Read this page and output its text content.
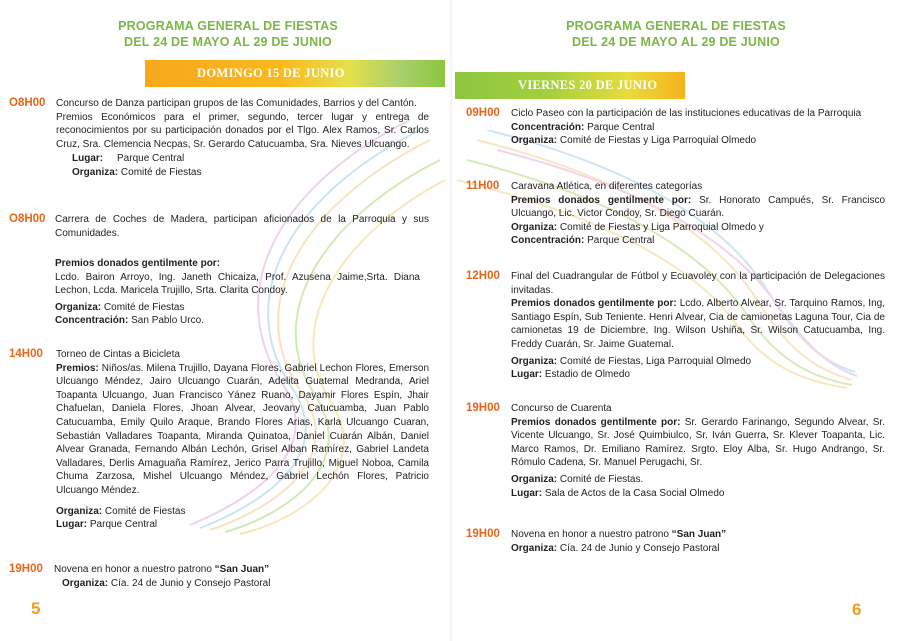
PROGRAMA GENERAL DE FIESTAS
DEL 24 DE MAYO AL 29 DE JUNIO
DOMINGO 15 DE JUNIO
O8H00 Concurso de Danza participan grupos de las Comunidades, Barrios y del Cantón.

Premios Económicos para el primer, segundo, tercer lugar y entrega de reconocimientos por su participación donados por el Tlgo. Alex Ramos, Sr. Carlos Cruz, Sra. Clemencia Necpas, Sr. Gerardo Catucuamba, Sra. Nieves Ulcuango.

Lugar: Parque Central

Organiza: Comité de Fiestas

O8H00 Carrera de Coches de Madera, participan aficionados de la Parroquia y sus Comunidades.

Premios donados gentilmente por:

Lcdo. Bairon Arroyo, Ing. Janeth Chicaiza, Prof. Azusena Jaime,Srta. Diana Lechon, Lcda. Maricela Trujillo, Srta. Clarita Condoy.

Organiza: Comité de Fiestas

Concentración: San Pablo Urco.

14H00 Torneo de Cintas a Bicicleta

Premios: Niños/as. Milena Trujillo, Dayana Flores, Gabriel Lechon Flores, Emerson Ulcuango Méndez, Jairo Ulcuango Cuarán, Adelita Guatemal Medranda, Ariel Toapanta Ulcuango, Juan Francisco Yánez Ruano, Dayamir Flores Espín, Jhair Chafuelan, Daniela Flores, Jhoan Alvear, Jeovany Catucuamba, Juan Pablo Catucuamba, Emily Quilo Araque, Brando Flores Arias, Karla Ulcuango Cuaran, Sebastián Valladares Toapanta, Miranda Quinatoa, Daniel Cuarán Albán, Daniel Alvear Granada, Fernando Albán Lechón, Grisel Alban Ramírez, Gabriel Landeta Valladares, Derlis Amaguaña Ramírez, Jerico Parra Trujillo, Miguel Noboa, Camila Chuma Zarzosa, Mishel Ulcuango Méndez, Gabriel Lechón Flores, Patricio Ulcuango Méndez.

Organiza: Comité de Fiestas

Lugar: Parque Central

19H00 Novena en honor a nuestro patrono “San Juan”

Organiza: Cía. 24 de Junio y Consejo Pastoral

5
PROGRAMA GENERAL DE FIESTAS
DEL 24 DE MAYO AL 29 DE JUNIO
09H00 Ciclo Paseo con la participación de las instituciones educativas de la Parroquia

Concentración: Parque Central

Organiza: Comité de Fiestas y Liga Parroquial Olmedo

11H00 Caravana Atlética, en diferentes categorías

Premios donados gentilmente por: Sr. Honorato Campués, Sr. Francisco Ulcuango, Lic. Victor Condoy, Sr. Diego Cuarán.

Organiza: Comité de Fiestas y Liga Parroquial Olmedo y

Concentración: Parque Central

12H00 Final del Cuadrangular de Fútbol y Ecuavoley con la participación de Delegaciones invitadas.

Premios donados gentilmente por: Lcdo. Alberto Alvear, Sr. Tarquino Ramos, Ing, Santiago Espín, Sub Teniente. Henri Alvear, Cia de camionetas Laguna Tour, Cia de camionetas 19 de Diciembre, Ing. Wilson Ushiña, Sr. Wilson Catucuamba, Ing. Freddy Cuarán, Sr. Jaime Guatemal.

Organiza: Comité de Fiestas, Liga Parroquial Olmedo

Lugar: Estadio de Olmedo

19H00 Concurso de Cuarenta

Premios donados gentilmente por: Sr. Gerardo Farinango, Segundo Alvear, Sr. Vicente Ulcuango, Sr. José Quimbiulco, Sr. Iván Guerra, Sr. Klever Toapanta, Lic. Marco Ramos, Dr. Emiliano Ramírez. Srgto. Eloy Alba, Sr. Hugo Andrango, Sr. Rómulo Cadena, Sr. Manuel Perugachi, Sr.

Organiza: Comité de Fiestas.

Lugar: Sala de Actos de la Casa Social Olmedo

19H00 Novena en honor a nuestro patrono “San Juan”

Organiza: Cía. 24 de Junio y Consejo Pastoral

6
VIERNES 20 DE JUNIO
